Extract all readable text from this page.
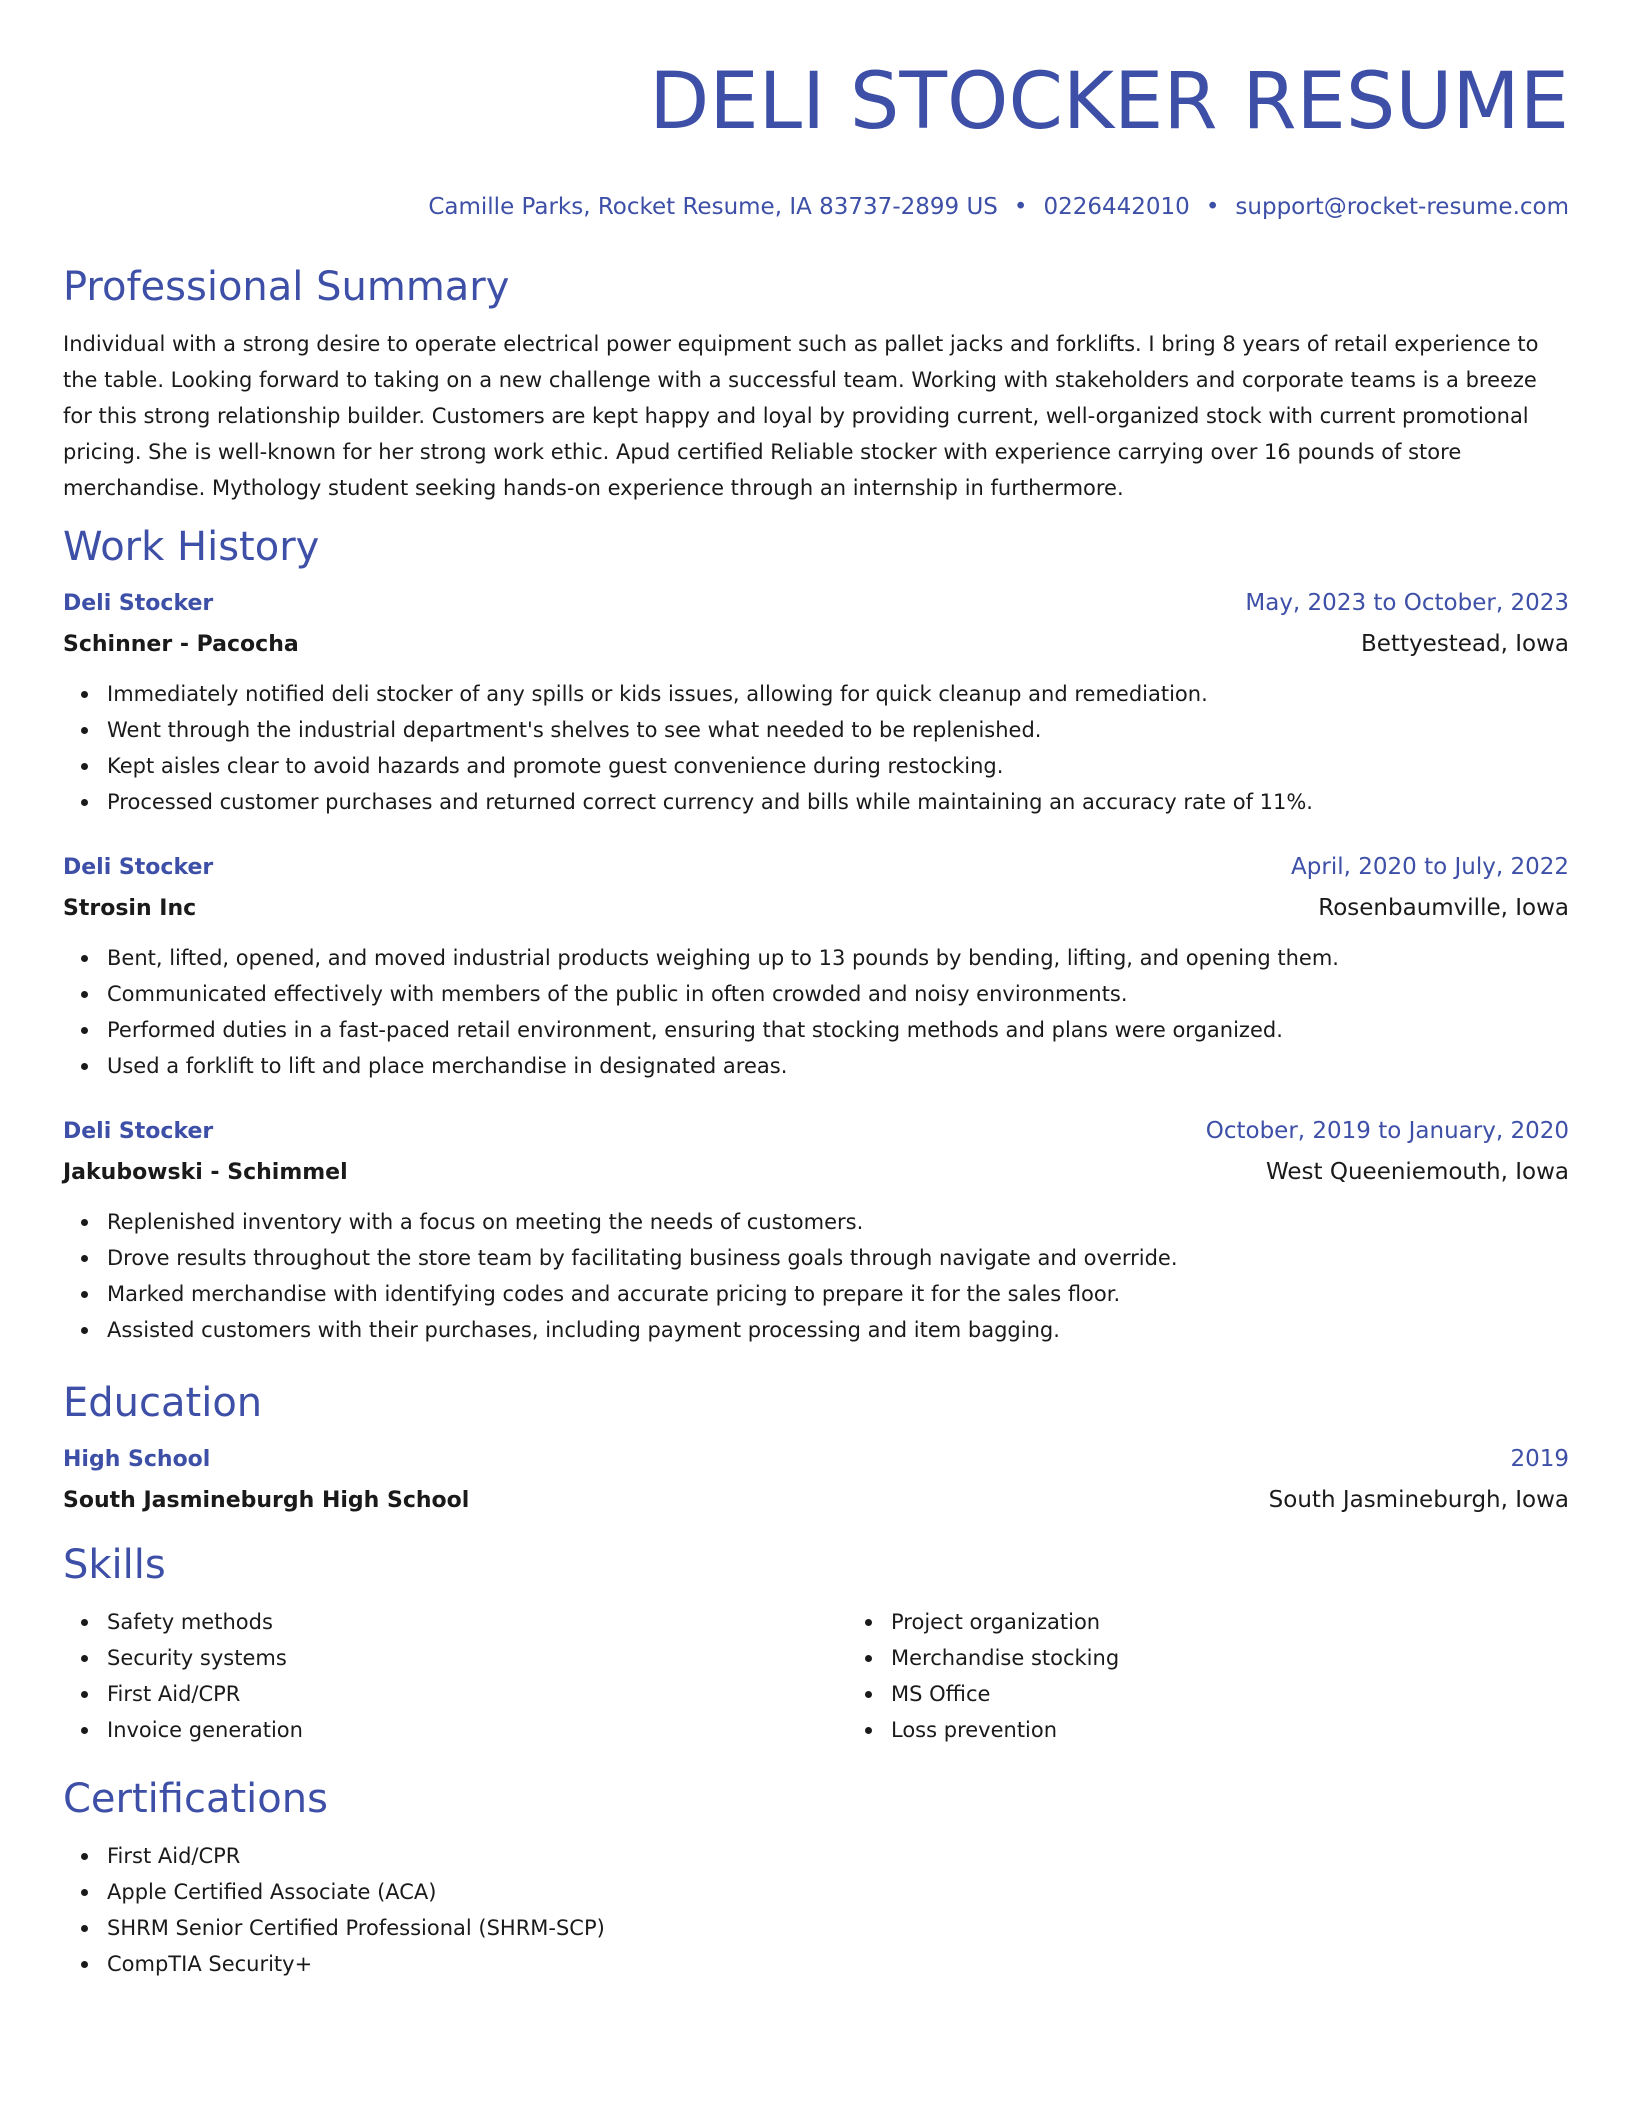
DELI STOCKER RESUME
Camille Parks, Rocket Resume, IA 83737-2899 US • 0226442010 • support@rocket-resume.com
Professional Summary

Individual with a strong desire to operate electrical power equipment such as pallet jacks and forklifts. I bring 8 years of retail experience to the table. Looking forward to taking on a new challenge with a successful team. Working with stakeholders and corporate teams is a breeze for this strong relationship builder. Customers are kept happy and loyal by providing current, well-organized stock with current promotional pricing. She is well-known for her strong work ethic. Apud certified Reliable stocker with experience carrying over 16 pounds of store merchandise. Mythology student seeking hands-on experience through an internship in furthermore.

Work History
Deli Stocker	May, 2023 to October, 2023
Schinner - Pacocha	Bettyestead, Iowa
Immediately notified deli stocker of any spills or kids issues, allowing for quick cleanup and remediation.
Went through the industrial department's shelves to see what needed to be replenished.
Kept aisles clear to avoid hazards and promote guest convenience during restocking.
Processed customer purchases and returned correct currency and bills while maintaining an accuracy rate of 11%.
Deli Stocker	April, 2020 to July, 2022
Strosin Inc	Rosenbaumville, Iowa
Bent, lifted, opened, and moved industrial products weighing up to 13 pounds by bending, lifting, and opening them.
Communicated effectively with members of the public in often crowded and noisy environments.
Performed duties in a fast-paced retail environment, ensuring that stocking methods and plans were organized.
Used a forklift to lift and place merchandise in designated areas.
Deli Stocker	October, 2019 to January, 2020
Jakubowski - Schimmel	West Queeniemouth, Iowa
Replenished inventory with a focus on meeting the needs of customers.
Drove results throughout the store team by facilitating business goals through navigate and override.
Marked merchandise with identifying codes and accurate pricing to prepare it for the sales floor.
Assisted customers with their purchases, including payment processing and item bagging.
Education
High School	2019
South Jasmineburgh High School	South Jasmineburgh, Iowa
Skills
Safety methods
Security systems
First Aid/CPR
Invoice generation
Project organization
Merchandise stocking
MS Office
Loss prevention
Certifications
First Aid/CPR
Apple Certified Associate (ACA)
SHRM Senior Certified Professional (SHRM-SCP)
CompTIA Security+
